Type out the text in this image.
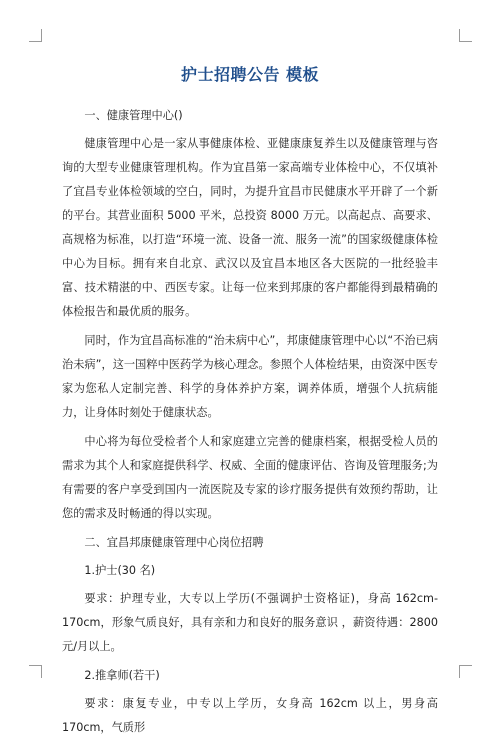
护士招聘公告 模板

一、健康管理中心()

健康管理中心是一家从事健康体检、亚健康康复养生以及健康管理与咨询的大型专业健康管理机构。作为宜昌第一家高端专业体检中心，不仅填补了宜昌专业体检领域的空白，同时，为提升宜昌市民健康水平开辟了一个新的平台。其营业面积 5000 平米，总投资 8000 万元。以高起点、高要求、高规格为标准，以打造“环境一流、设备一流、服务一流”的国家级健康体检中心为目标。拥有来自北京、武汉以及宜昌本地区各大医院的一批经验丰富、技术精湛的中、西医专家。让每一位来到邦康的客户都能得到最精确的体检报告和最优质的服务。

同时，作为宜昌高标准的“治未病中心”，邦康健康管理中心以“不治已病治未病”，这一国粹中医药学为核心理念。参照个人体检结果，由资深中医专家为您私人定制完善、科学的身体养护方案，调养体质，增强个人抗病能力，让身体时刻处于健康状态。

中心将为每位受检者个人和家庭建立完善的健康档案，根据受检人员的需求为其个人和家庭提供科学、权威、全面的健康评估、咨询及管理服务;为有需要的客户享受到国内一流医院及专家的诊疗服务提供有效预约帮助，让您的需求及时畅通的得以实现。

二、宜昌邦康健康管理中心岗位招聘

1.护士(30 名)

要求：护理专业，大专以上学历(不强调护士资格证)，身高 162cm-170cm，形象气质良好，具有亲和力和良好的服务意识 ，薪资待遇：2800 元/月以上。

2.推拿师(若干)

要求：康复专业，中专以上学历，女身高 162cm 以上，男身高 170cm，气质形
